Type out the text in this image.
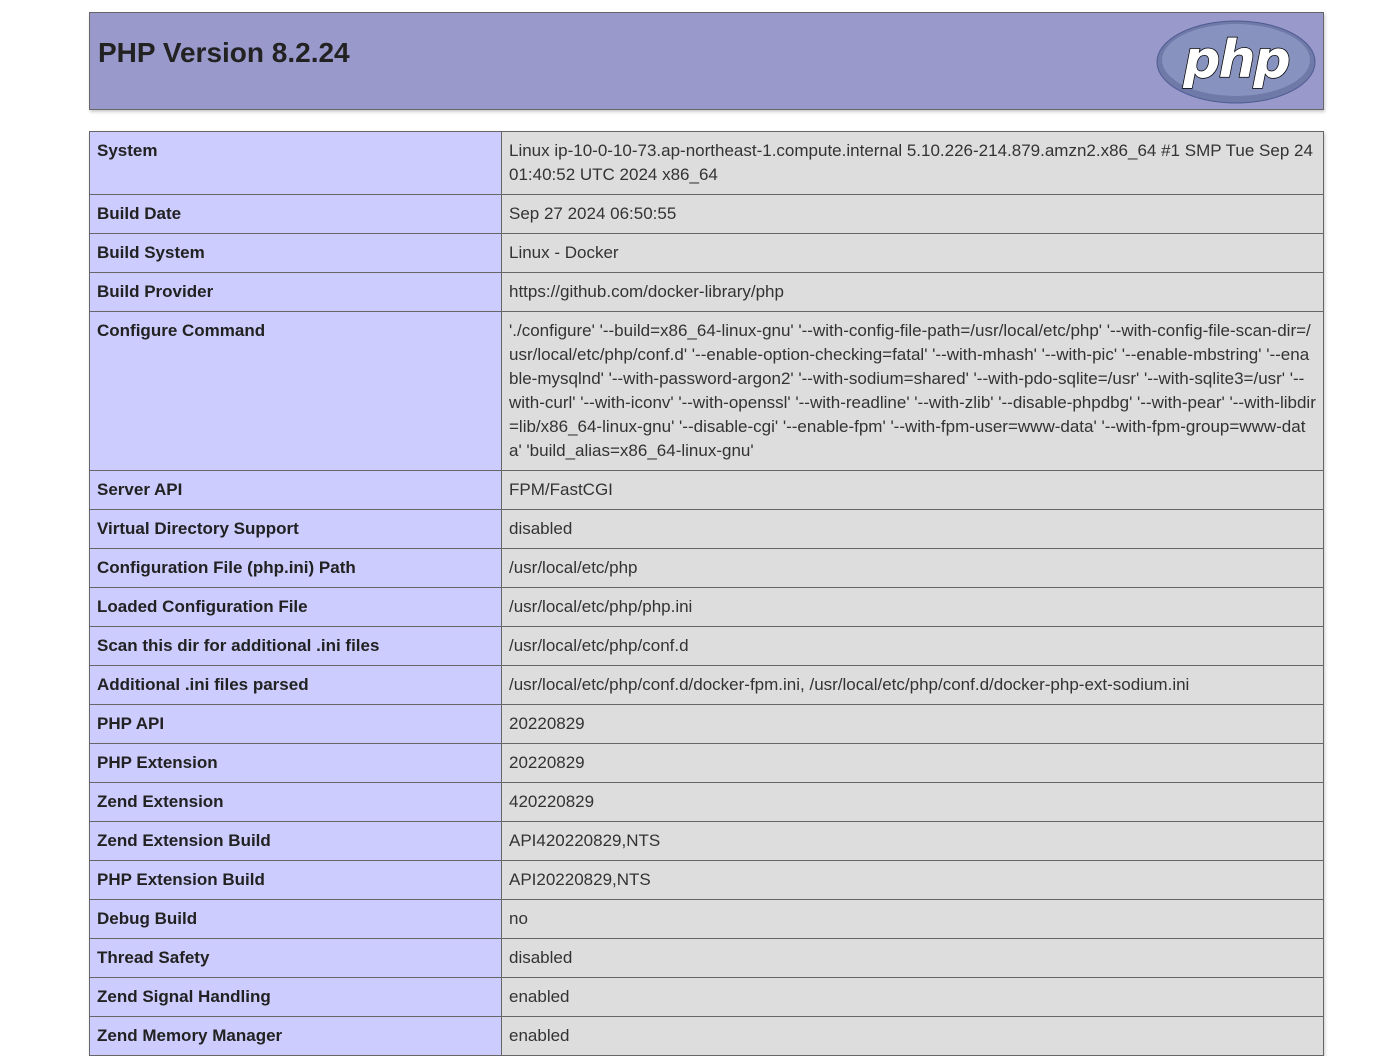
PHP Version 8.2.24	php
System	Linux ip-10-0-10-73.ap-northeast-1.compute.internal 5.10.226-214.879.amzn2.x86_64 #1 SMP Tue Sep 24 01:40:52 UTC 2024 x86_64
Build Date	Sep 27 2024 06:50:55
Build System	Linux - Docker
Build Provider	https://github.com/docker-library/php
Configure Command	'./configure' '--build=x86_64-linux-gnu' '--with-config-file-path=/usr/local/etc/php' '--with-config-file-scan-dir=/usr/local/etc/php/conf.d' '--enable-option-checking=fatal' '--with-mhash' '--with-pic' '--enable-mbstring' '--enable-mysqlnd' '--with-password-argon2' '--with-sodium=shared' '--with-pdo-sqlite=/usr' '--with-sqlite3=/usr' '--with-curl' '--with-iconv' '--with-openssl' '--with-readline' '--with-zlib' '--disable-phpdbg' '--with-pear' '--with-libdir=lib/x86_64-linux-gnu' '--disable-cgi' '--enable-fpm' '--with-fpm-user=www-data' '--with-fpm-group=www-data' 'build_alias=x86_64-linux-gnu'
Server API	FPM/FastCGI
Virtual Directory Support	disabled
Configuration File (php.ini) Path	/usr/local/etc/php
Loaded Configuration File	/usr/local/etc/php/php.ini
Scan this dir for additional .ini files	/usr/local/etc/php/conf.d
Additional .ini files parsed	/usr/local/etc/php/conf.d/docker-fpm.ini, /usr/local/etc/php/conf.d/docker-php-ext-sodium.ini
PHP API	20220829
PHP Extension	20220829
Zend Extension	420220829
Zend Extension Build	API420220829,NTS
PHP Extension Build	API20220829,NTS
Debug Build	no
Thread Safety	disabled
Zend Signal Handling	enabled
Zend Memory Manager	enabled
